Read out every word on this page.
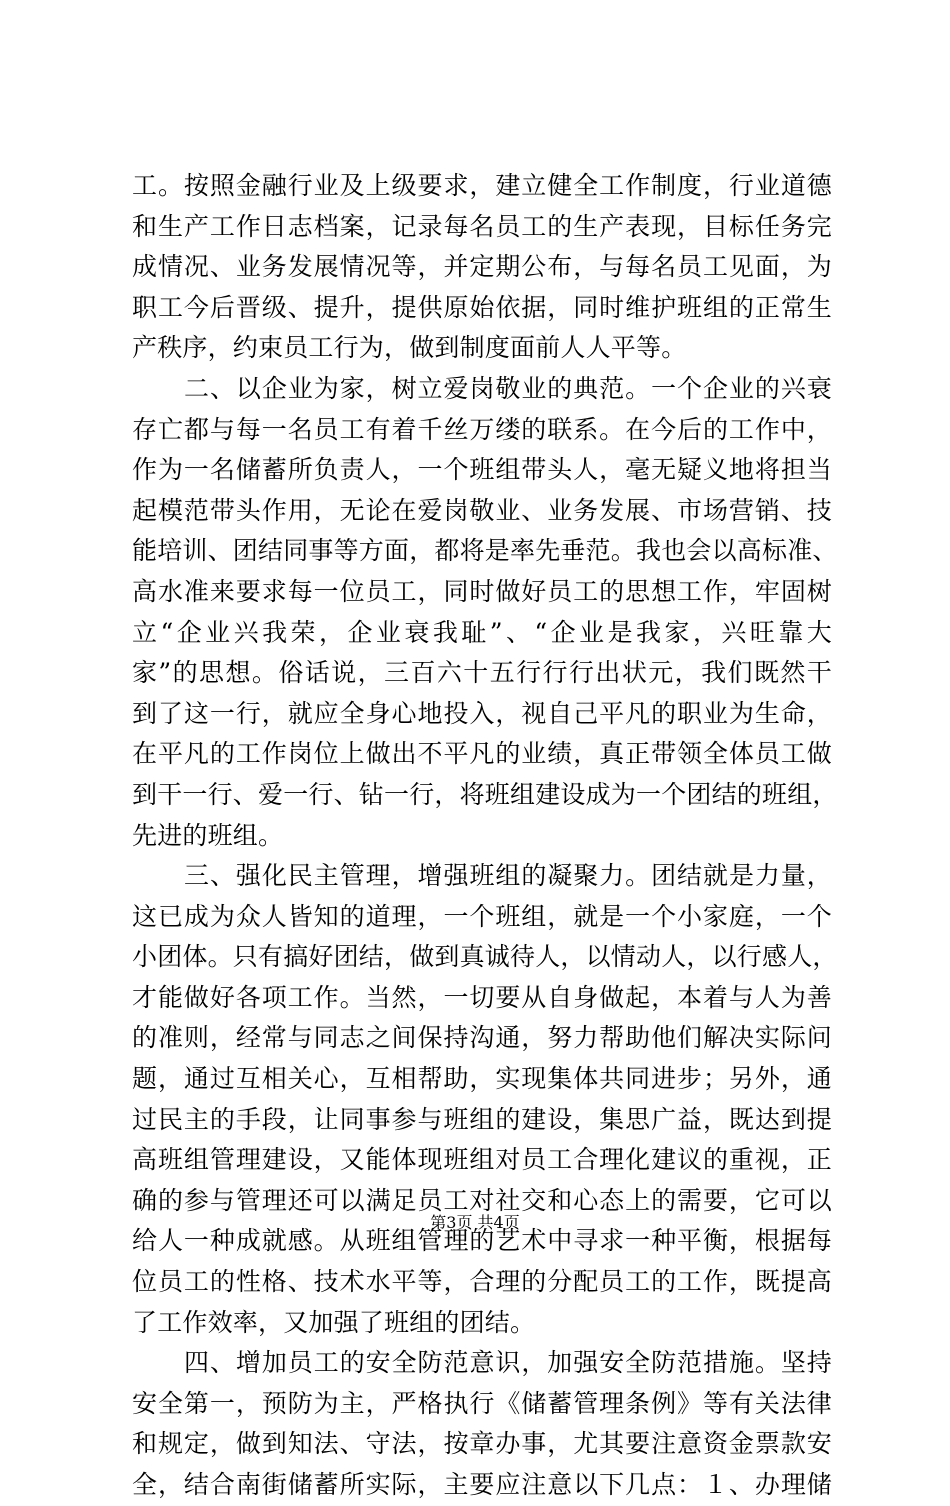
工。按照金融行业及上级要求，建立健全工作制度，行业道德
和生产工作日志档案，记录每名员工的生产表现，目标任务完
成情况、业务发展情况等，并定期公布，与每名员工见面，为
职工今后晋级、提升，提供原始依据，同时维护班组的正常生
产秩序，约束员工行为，做到制度面前人人平等。
二、以企业为家，树立爱岗敬业的典范。一个企业的兴衰
存亡都与每一名员工有着千丝万缕的联系。在今后的工作中，
作为一名储蓄所负责人，一个班组带头人，毫无疑义地将担当
起模范带头作用，无论在爱岗敬业、业务发展、市场营销、技
能培训、团结同事等方面，都将是率先垂范。我也会以高标准、
高水准来要求每一位员工，同时做好员工的思想工作，牢固树
立“企业兴我荣，企业衰我耻”、“企业是我家，兴旺靠大
家”的思想。俗话说，三百六十五行行行出状元，我们既然干
到了这一行，就应全身心地投入，视自己平凡的职业为生命，
在平凡的工作岗位上做出不平凡的业绩，真正带领全体员工做
到干一行、爱一行、钻一行，将班组建设成为一个团结的班组，
先进的班组。
三、强化民主管理，增强班组的凝聚力。团结就是力量，
这已成为众人皆知的道理，一个班组，就是一个小家庭，一个
小团体。只有搞好团结，做到真诚待人，以情动人，以行感人，
才能做好各项工作。当然，一切要从自身做起，本着与人为善
的准则，经常与同志之间保持沟通，努力帮助他们解决实际问
题，通过互相关心，互相帮助，实现集体共同进步；另外，通
过民主的手段，让同事参与班组的建设，集思广益，既达到提
高班组管理建设，又能体现班组对员工合理化建议的重视，正
确的参与管理还可以满足员工对社交和心态上的需要，它可以
给人一种成就感。从班组管理的艺术中寻求一种平衡，根据每
位员工的性格、技术水平等，合理的分配员工的工作，既提高
了工作效率，又加强了班组的团结。
四、增加员工的安全防范意识，加强安全防范措施。坚持
安全第一，预防为主，严格执行《储蓄管理条例》等有关法律
和规定，做到知法、守法，按章办事，尤其要注意资金票款安
全，结合南街储蓄所实际，主要应注意以下几点：１、办理储
第3页 共4页
